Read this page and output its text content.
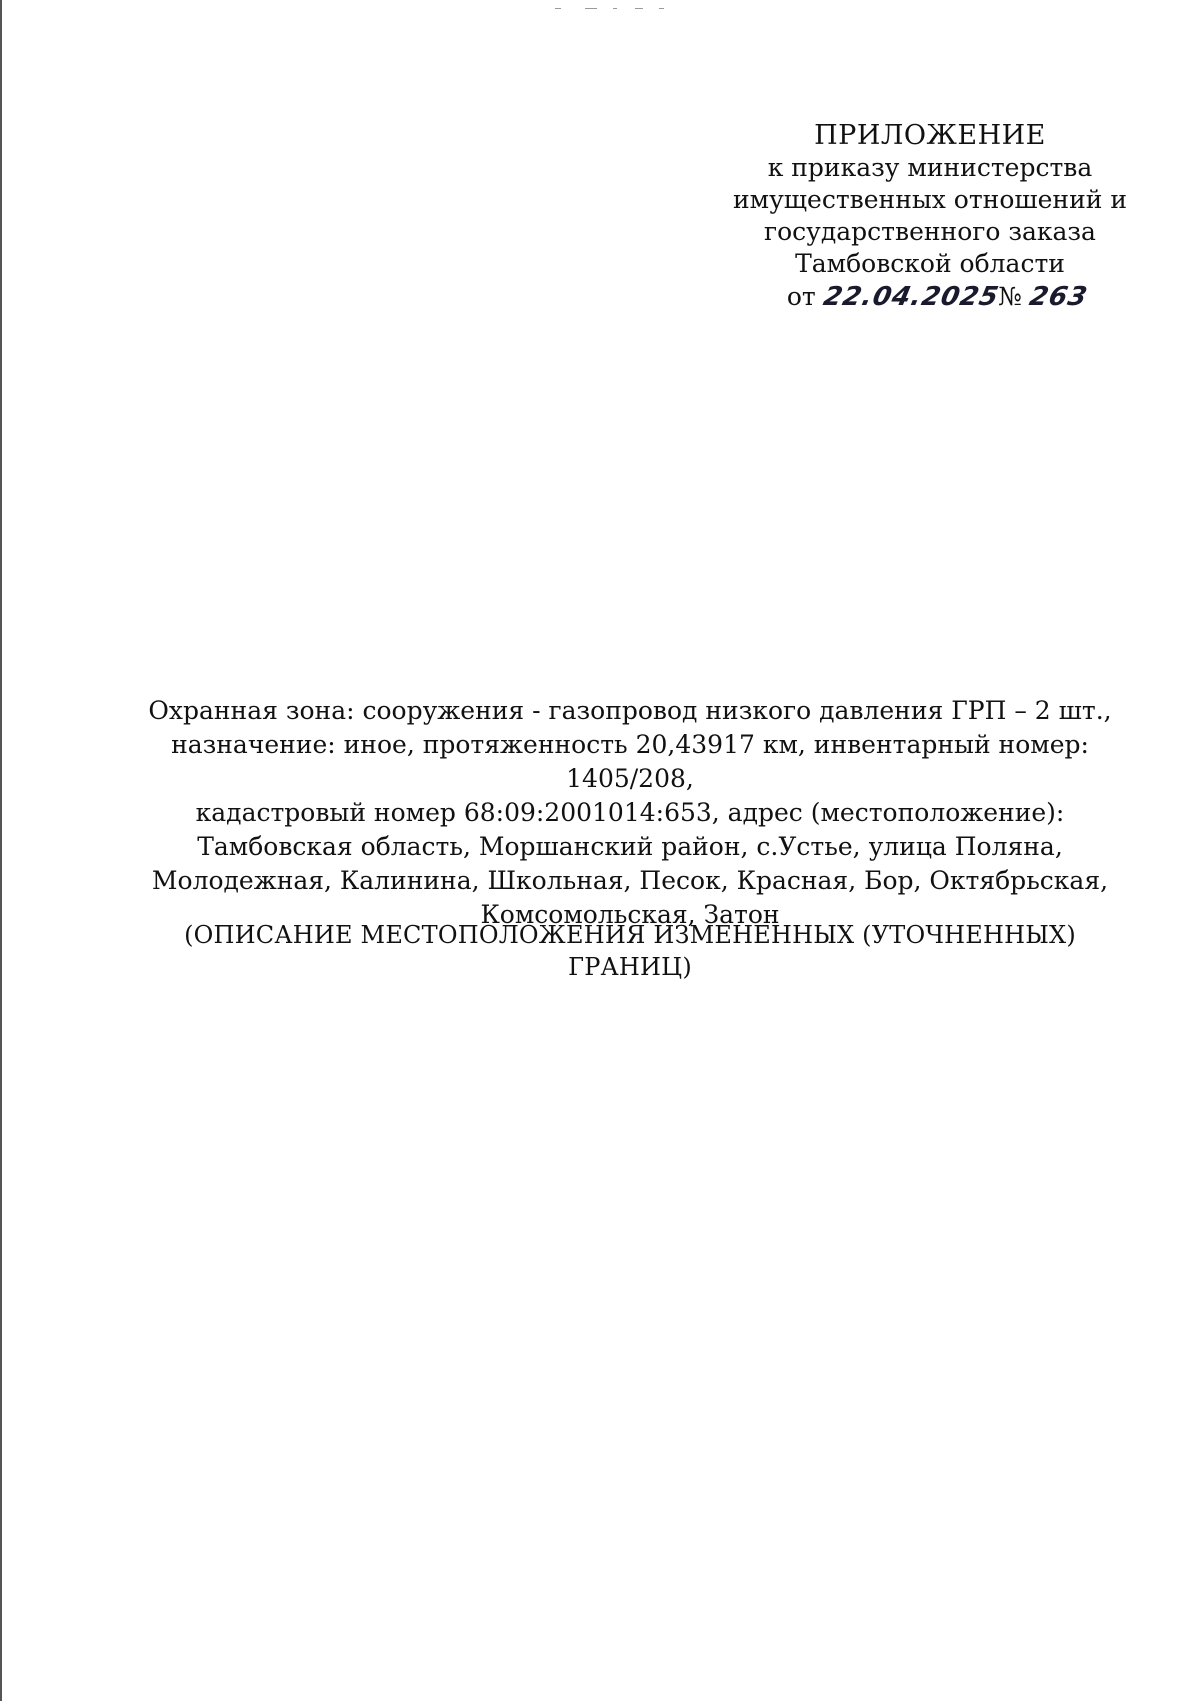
ПРИЛОЖЕНИЕ
к приказу министерства
имущественных отношений и
государственного заказа
Тамбовской области
от 22.04.2025№ 263
Охранная зона: сооружения - газопровод низкого давления ГРП – 2 шт.,
назначение: иное, протяженность 20,43917 км, инвентарный номер: 1405/208,
кадастровый номер 68:09:2001014:653, адрес (местоположение):
Тамбовская область, Моршанский район, с.Устье, улица Поляна,
Молодежная, Калинина, Школьная, Песок, Красная, Бор, Октябрьская,
Комсомольская, Затон
(ОПИСАНИЕ МЕСТОПОЛОЖЕНИЯ ИЗМЕНЕННЫХ (УТОЧНЕННЫХ) ГРАНИЦ)
